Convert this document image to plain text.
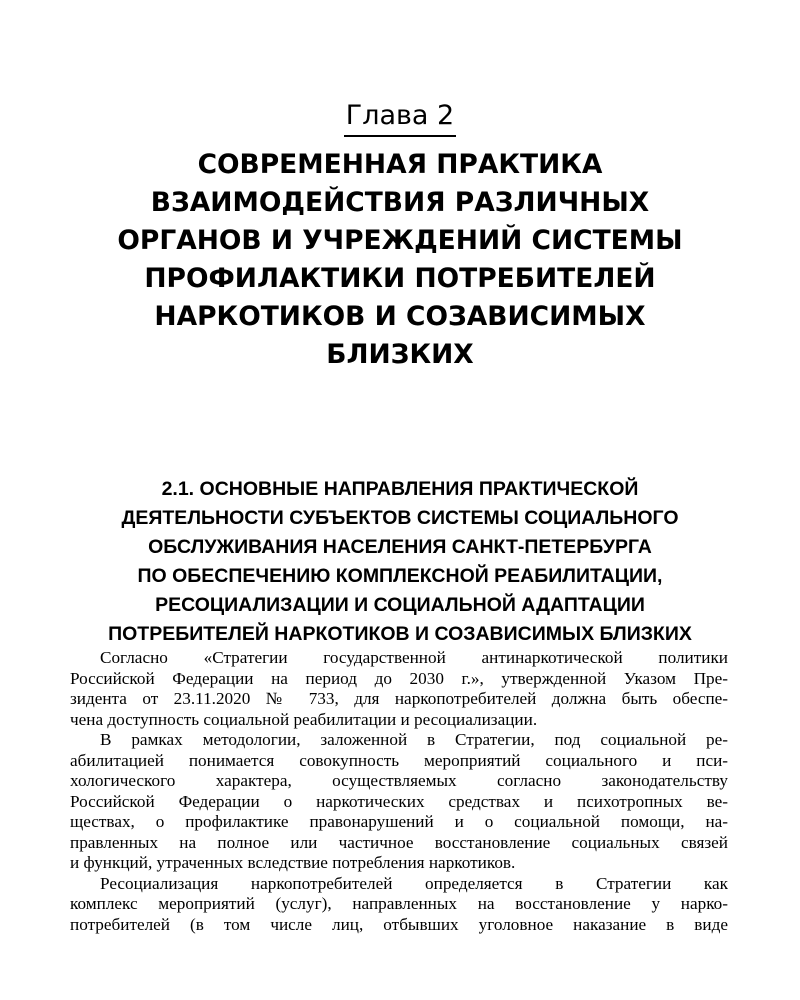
Глава 2
СОВРЕМЕННАЯ ПРАКТИКА
ВЗАИМОДЕЙСТВИЯ РАЗЛИЧНЫХ
ОРГАНОВ И УЧРЕЖДЕНИЙ СИСТЕМЫ
ПРОФИЛАКТИКИ ПОТРЕБИТЕЛЕЙ
НАРКОТИКОВ И СОЗАВИСИМЫХ
БЛИЗКИХ
2.1. ОСНОВНЫЕ НАПРАВЛЕНИЯ ПРАКТИЧЕСКОЙ
ДЕЯТЕЛЬНОСТИ СУБЪЕКТОВ СИСТЕМЫ СОЦИАЛЬНОГО
ОБСЛУЖИВАНИЯ НАСЕЛЕНИЯ САНКТ-ПЕТЕРБУРГА
ПО ОБЕСПЕЧЕНИЮ КОМПЛЕКСНОЙ РЕАБИЛИТАЦИИ,
РЕСОЦИАЛИЗАЦИИ И СОЦИАЛЬНОЙ АДАПТАЦИИ
ПОТРЕБИТЕЛЕЙ НАРКОТИКОВ И СОЗАВИСИМЫХ БЛИЗКИХ
Согласно «Стратегии государственной антинаркотической политики
Российской Федерации на период до 2030 г.», утвержденной Указом Пре-
зидента от 23.11.2020 № 733, для наркопотребителей должна быть обеспе-
чена доступность социальной реабилитации и ресоциализации.
В рамках методологии, заложенной в Стратегии, под социальной ре-
абилитацией понимается совокупность мероприятий социального и пси-
хологического характера, осуществляемых согласно законодательству
Российской Федерации о наркотических средствах и психотропных ве-
ществах, о профилактике правонарушений и о социальной помощи, на-
правленных на полное или частичное восстановление социальных связей
и функций, утраченных вследствие потребления наркотиков.
Ресоциализация наркопотребителей определяется в Стратегии как
комплекс мероприятий (услуг), направленных на восстановление у нарко-
потребителей (в том числе лиц, отбывших уголовное наказание в виде
